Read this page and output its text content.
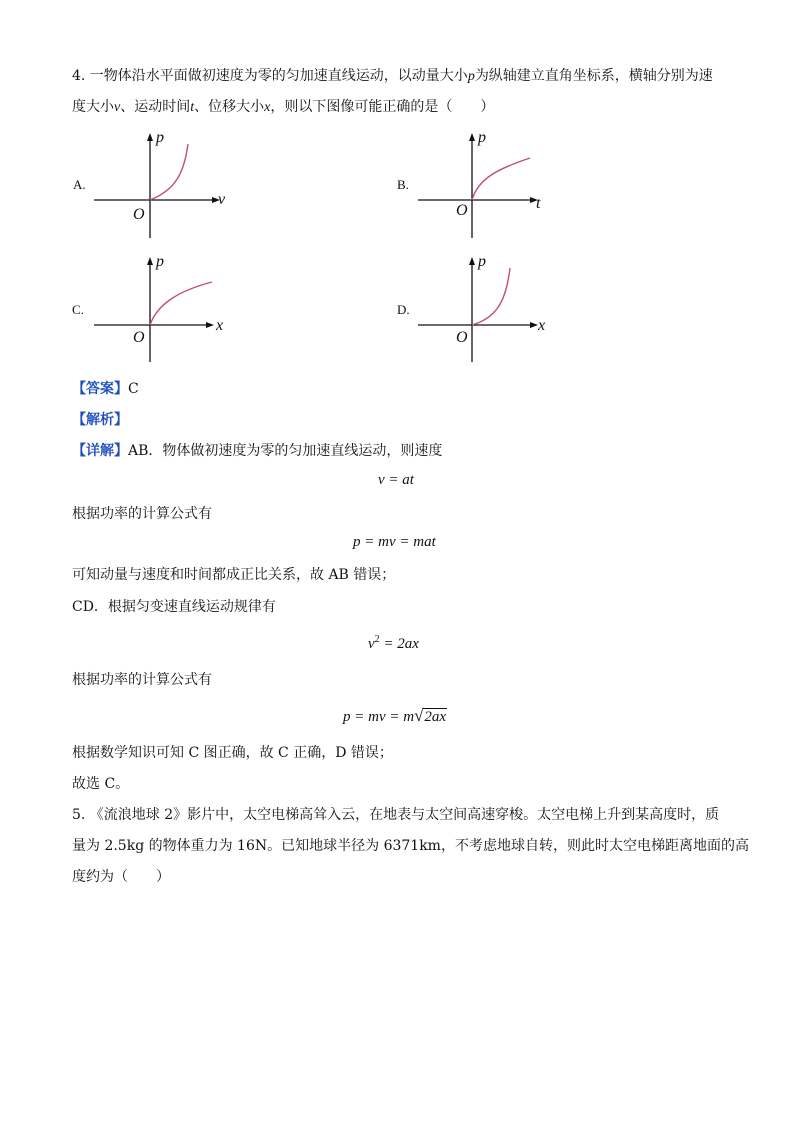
4. 一物体沿水平面做初速度为零的匀加速直线运动，以动量大小p为纵轴建立直角坐标系，横轴分别为速
度大小v、运动时间t、位移大小x，则以下图像可能正确的是（　　）
A.	B.
C.	D.
p
v
O
p
t
O
p
x
O
p
x
O
【答案】C
【解析】
【详解】AB．物体做初速度为零的匀加速直线运动，则速度
v = at
根据功率的计算公式有
p = mv = mat
可知动量与速度和时间都成正比关系，故 AB 错误；
CD．根据匀变速直线运动规律有
$v^2 = 2ax$
根据功率的计算公式有
p = mv = m√2ax
根据数学知识可知 C 图正确，故 C 正确，D 错误；
故选 C。
5. 《流浪地球 2》影片中，太空电梯高耸入云，在地表与太空间高速穿梭。太空电梯上升到某高度时，质
量为 2.5kg 的物体重力为 16N。已知地球半径为 6371km，不考虑地球自转，则此时太空电梯距离地面的高
度约为（　　）
